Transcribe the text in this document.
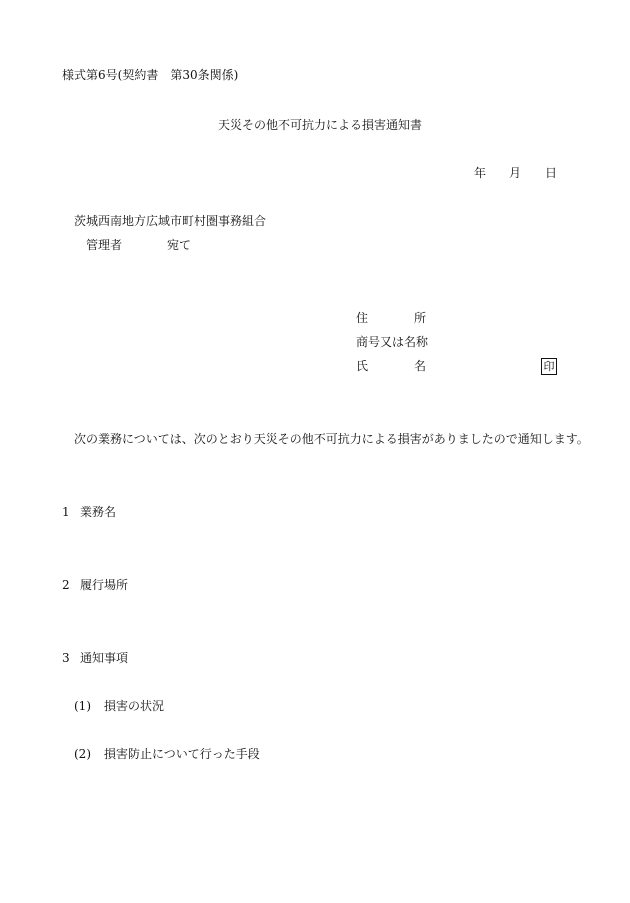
様式第6号(契約書　第30条関係)
天災その他不可抗力による損害通知書
年 月 日
茨城西南地方広域市町村圏事務組合
管理者	宛て
住	所
商号又は名称
氏	名	印
次の業務については、次のとおり天災その他不可抗力による損害がありましたので通知します。
1 業務名
2 履行場所
3 通知事項
(1) 損害の状況
(2) 損害防止について行った手段
